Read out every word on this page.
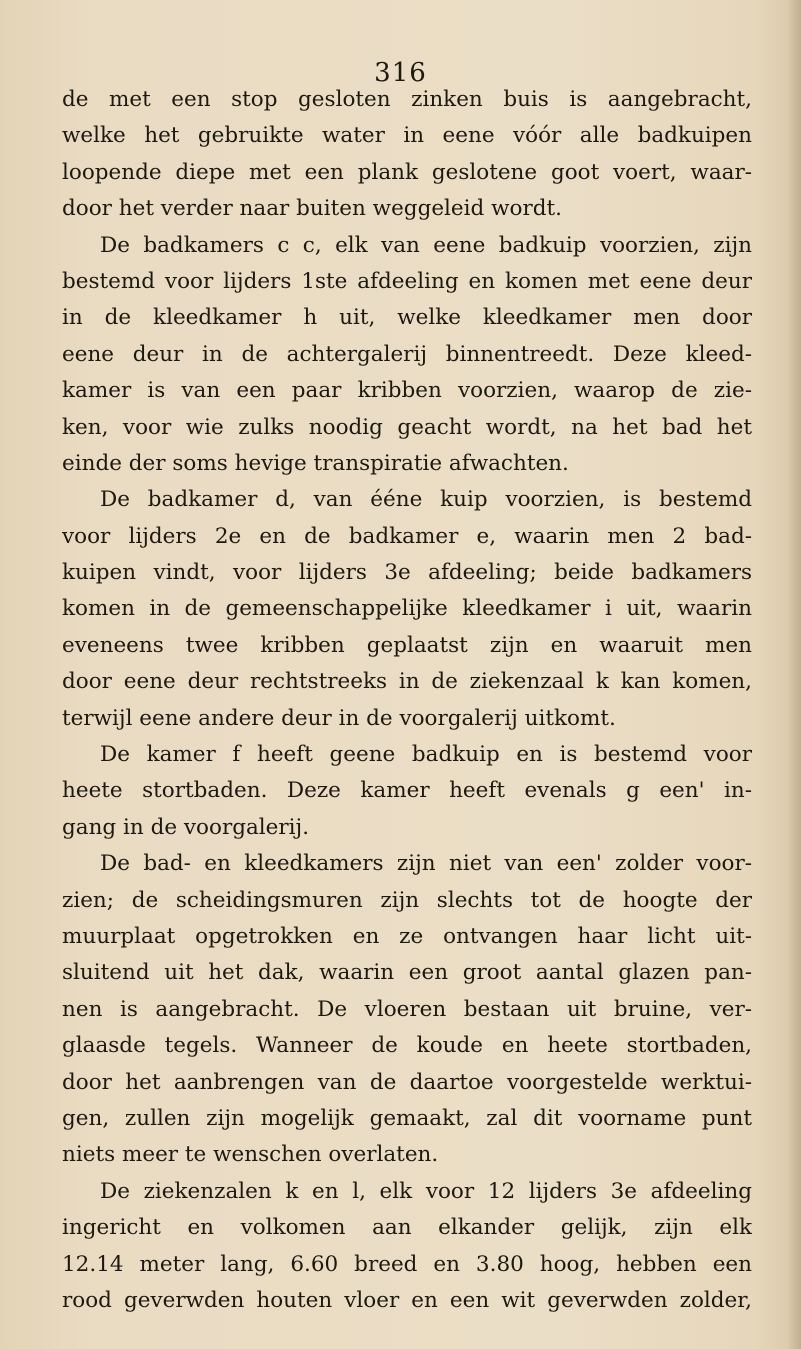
316
de met een stop gesloten zinken buis is aangebracht,
welke het gebruikte water in eene vóór alle badkuipen
loopende diepe met een plank geslotene goot voert, waar-
door het verder naar buiten weggeleid wordt.
De badkamers c c, elk van eene badkuip voorzien, zijn
bestemd voor lijders 1ste afdeeling en komen met eene deur
in de kleedkamer h uit, welke kleedkamer men door
eene deur in de achtergalerij binnentreedt. Deze kleed-
kamer is van een paar kribben voorzien, waarop de zie-
ken, voor wie zulks noodig geacht wordt, na het bad het
einde der soms hevige transpiratie afwachten.
De badkamer d, van ééne kuip voorzien, is bestemd
voor lijders 2e en de badkamer e, waarin men 2 bad-
kuipen vindt, voor lijders 3e afdeeling; beide badkamers
komen in de gemeenschappelijke kleedkamer i uit, waarin
eveneens twee kribben geplaatst zijn en waaruit men
door eene deur rechtstreeks in de ziekenzaal k kan komen,
terwijl eene andere deur in de voorgalerij uitkomt.
De kamer f heeft geene badkuip en is bestemd voor
heete stortbaden. Deze kamer heeft evenals g een' in-
gang in de voorgalerij.
De bad- en kleedkamers zijn niet van een' zolder voor-
zien; de scheidingsmuren zijn slechts tot de hoogte der
muurplaat opgetrokken en ze ontvangen haar licht uit-
sluitend uit het dak, waarin een groot aantal glazen pan-
nen is aangebracht. De vloeren bestaan uit bruine, ver-
glaasde tegels. Wanneer de koude en heete stortbaden,
door het aanbrengen van de daartoe voorgestelde werktui-
gen, zullen zijn mogelijk gemaakt, zal dit voorname punt
niets meer te wenschen overlaten.
De ziekenzalen k en l, elk voor 12 lijders 3e afdeeling
ingericht en volkomen aan elkander gelijk, zijn elk
12.14 meter lang, 6.60 breed en 3.80 hoog, hebben een
rood geverwden houten vloer en een wit geverwden zolder,
